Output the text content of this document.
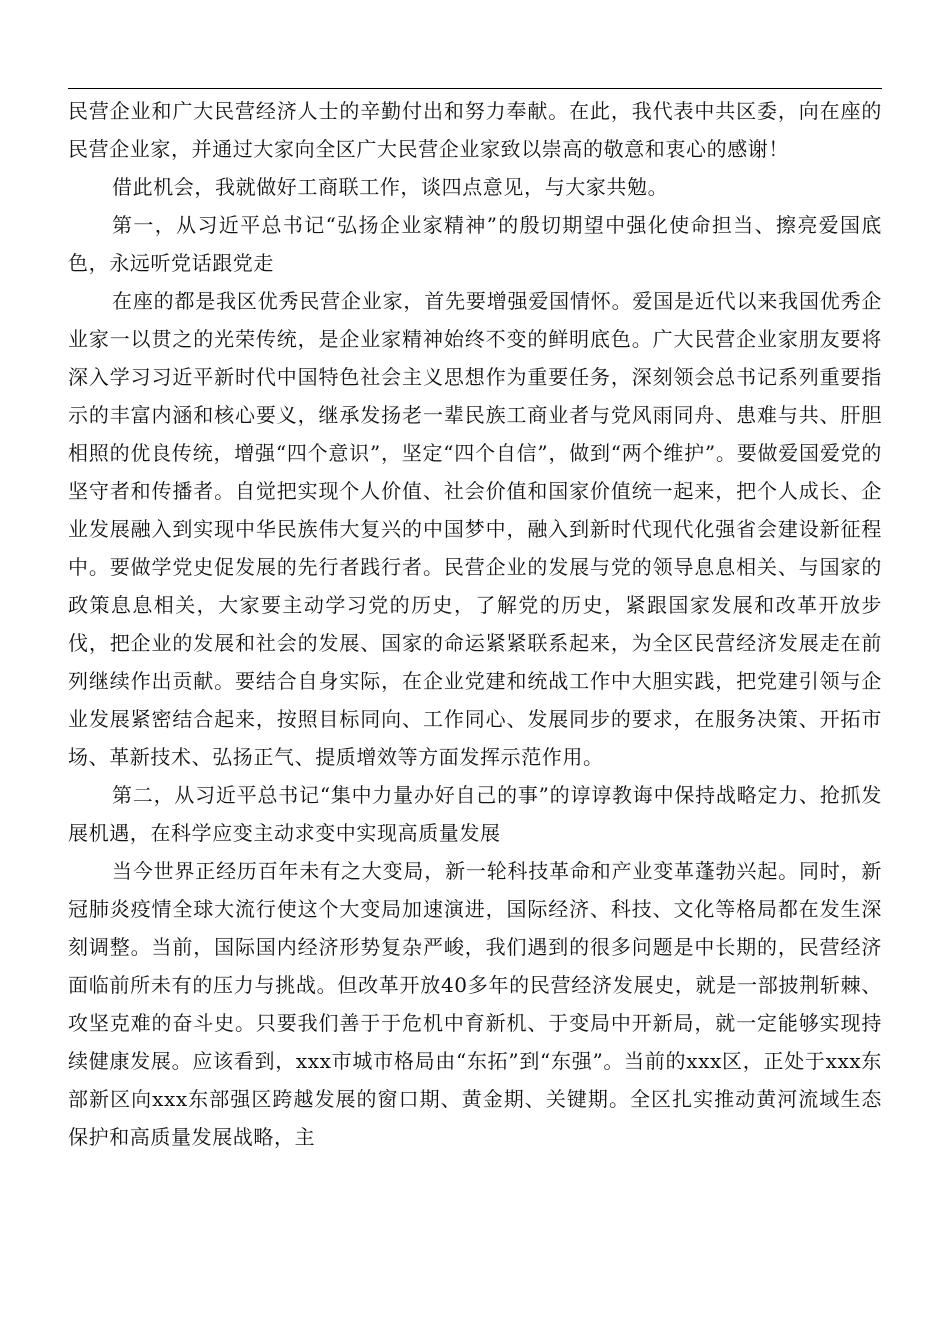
民营企业和广大民营经济人士的辛勤付出和努力奉献。在此，我代表中共区委，向在座的民营企业家，并通过大家向全区广大民营企业家致以崇高的敬意和衷心的感谢！

借此机会，我就做好工商联工作，谈四点意见，与大家共勉。

第一，从习近平总书记“弘扬企业家精神”的殷切期望中强化使命担当、擦亮爱国底色，永远听党话跟党走

在座的都是我区优秀民营企业家，首先要增强爱国情怀。爱国是近代以来我国优秀企业家一以贯之的光荣传统，是企业家精神始终不变的鲜明底色。广大民营企业家朋友要将深入学习习近平新时代中国特色社会主义思想作为重要任务，深刻领会总书记系列重要指示的丰富内涵和核心要义，继承发扬老一辈民族工商业者与党风雨同舟、患难与共、肝胆相照的优良传统，增强“四个意识”，坚定“四个自信”，做到“两个维护”。要做爱国爱党的坚守者和传播者。自觉把实现个人价值、社会价值和国家价值统一起来，把个人成长、企业发展融入到实现中华民族伟大复兴的中国梦中，融入到新时代现代化强省会建设新征程中。要做学党史促发展的先行者践行者。民营企业的发展与党的领导息息相关、与国家的政策息息相关，大家要主动学习党的历史，了解党的历史，紧跟国家发展和改革开放步伐，把企业的发展和社会的发展、国家的命运紧紧联系起来，为全区民营经济发展走在前列继续作出贡献。要结合自身实际，在企业党建和统战工作中大胆实践，把党建引领与企业发展紧密结合起来，按照目标同向、工作同心、发展同步的要求，在服务决策、开拓市场、革新技术、弘扬正气、提质增效等方面发挥示范作用。

第二，从习近平总书记“集中力量办好自己的事”的谆谆教诲中保持战略定力、抢抓发展机遇，在科学应变主动求变中实现高质量发展

当今世界正经历百年未有之大变局，新一轮科技革命和产业变革蓬勃兴起。同时，新冠肺炎疫情全球大流行使这个大变局加速演进，国际经济、科技、文化等格局都在发生深刻调整。当前，国际国内经济形势复杂严峻，我们遇到的很多问题是中长期的，民营经济面临前所未有的压力与挑战。但改革开放40多年的民营经济发展史，就是一部披荆斩棘、攻坚克难的奋斗史。只要我们善于于危机中育新机、于变局中开新局，就一定能够实现持续健康发展。应该看到，xxx市城市格局由“东拓”到“东强”。当前的xxx区，正处于xxx东部新区向xxx东部强区跨越发展的窗口期、黄金期、关键期。全区扎实推动黄河流域生态保护和高质量发展战略，主
